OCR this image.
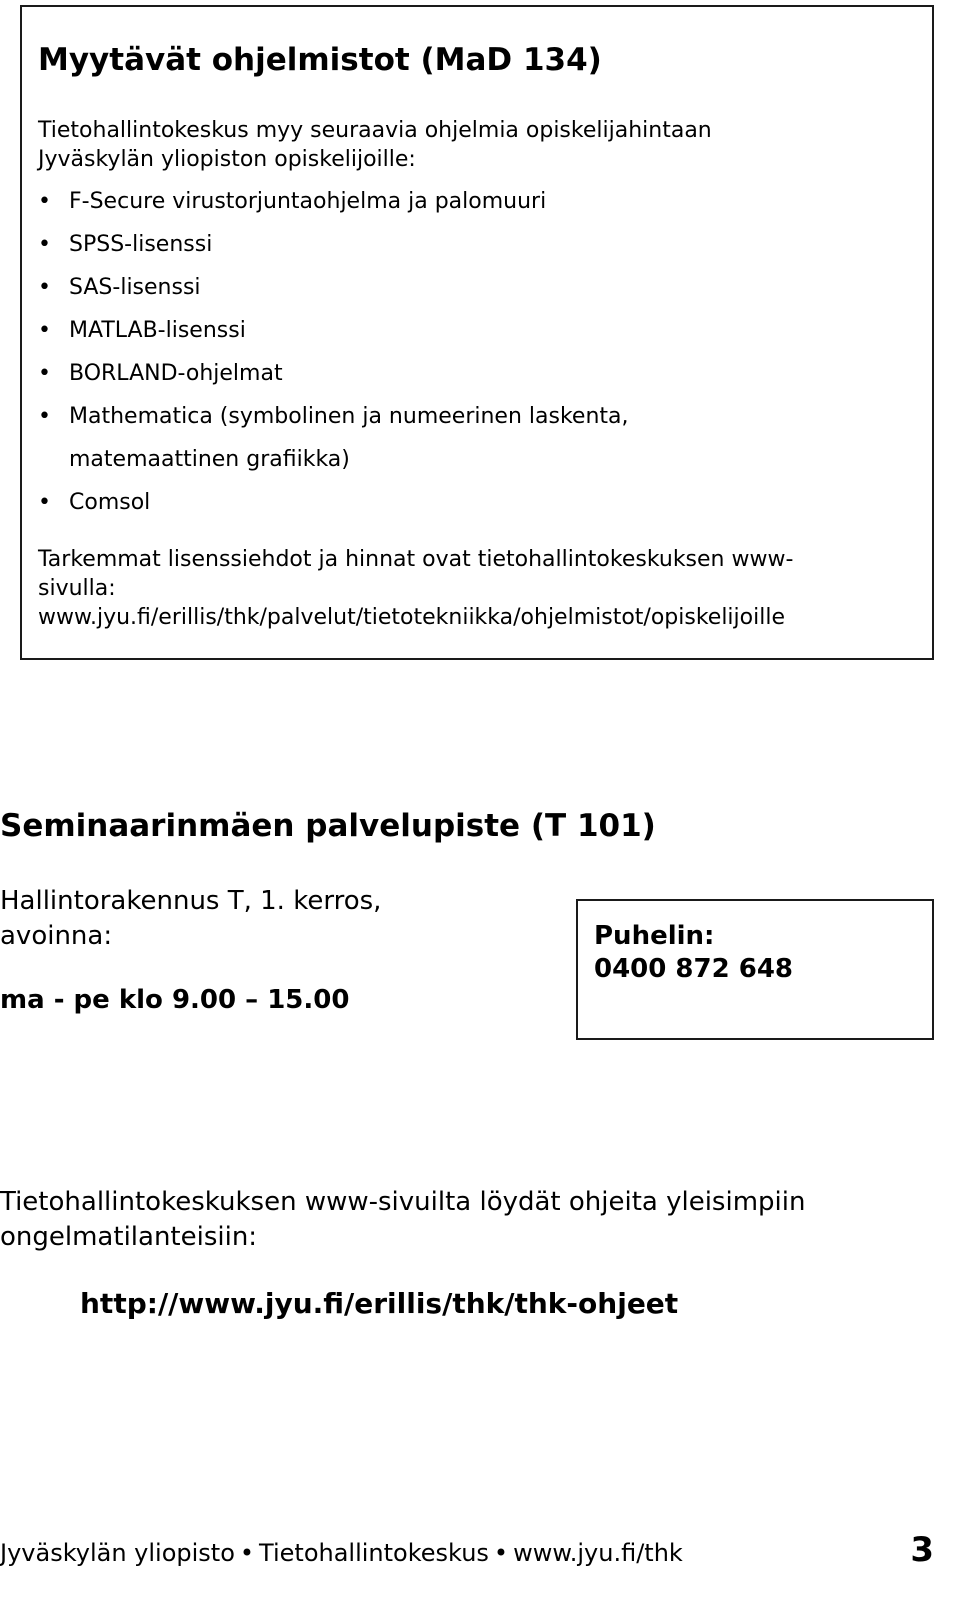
Myytävät ohjelmistot (MaD 134)
Tietohallintokeskus myy seuraavia ohjelmia opiskelijahintaan
Jyväskylän yliopiston opiskelijoille:
• F-Secure virustorjuntaohjelma ja palomuuri
• SPSS-lisenssi
• SAS-lisenssi
• MATLAB-lisenssi
• BORLAND-ohjelmat
• Mathematica (symbolinen ja numeerinen laskenta,
matemaattinen grafiikka)
• Comsol
Tarkemmat lisenssiehdot ja hinnat ovat tietohallintokeskuksen www-
sivulla:
www.jyu.fi/erillis/thk/palvelut/tietotekniikka/ohjelmistot/opiskelijoille
Seminaarinmäen palvelupiste (T 101)
Hallintorakennus T, 1. kerros,
avoinna:
ma - pe klo 9.00 – 15.00
Puhelin:
0400 872 648
Tietohallintokeskuksen www-sivuilta löydät ohjeita yleisimpiin
ongelmatilanteisiin:
http://www.jyu.fi/erillis/thk/thk-ohjeet
Jyväskylän yliopisto • Tietohallintokeskus • www.jyu.fi/thk	3
